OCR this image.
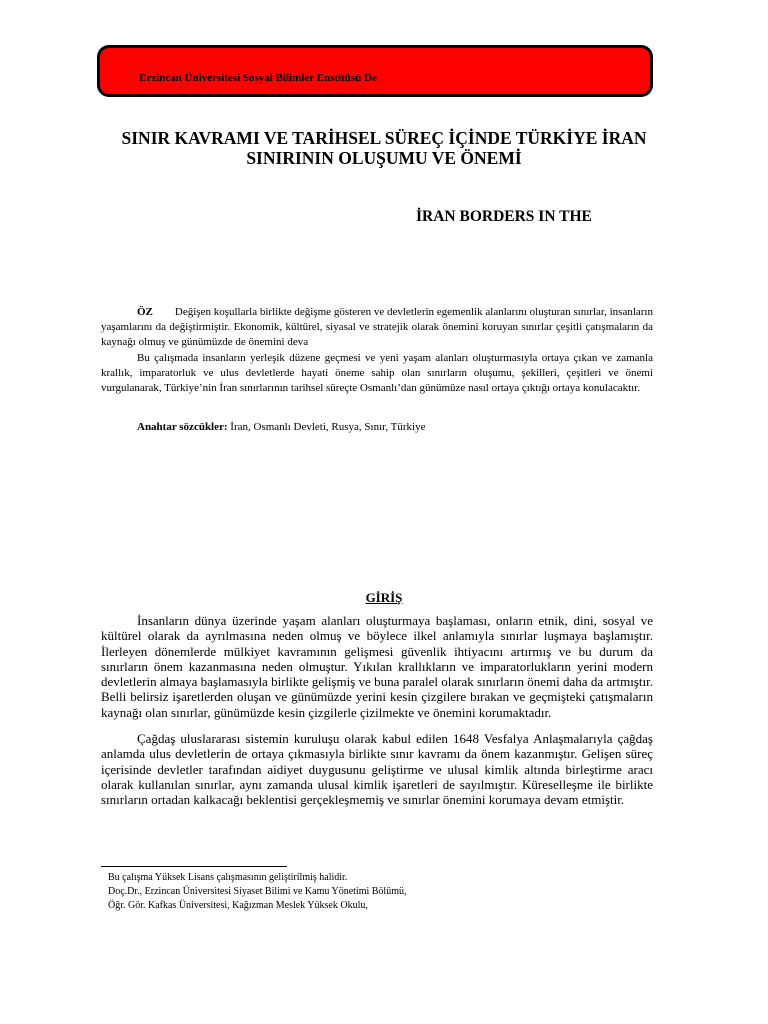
Erzincan Üniversitesi Sosyal Bilimler Enstitüsü De
SINIR KAVRAMI VE TARİHSEL SÜREÇ İÇİNDE TÜRKİYE İRAN
SINIRININ OLUŞUMU VE ÖNEMİ
İRAN BORDERS IN THE

ÖZ Değişen koşullarla birlikte değişme gösteren ve devletlerin egemenlik alanlarını oluşturan sınırlar, insanların yaşamlarını da değiştirmiştir. Ekonomik, kültürel, siyasal ve stratejik olarak önemini koruyan sınırlar çeşitli çatışmaların da kaynağı olmuş ve günümüzde de önemini deva

Bu çalışmada insanların yerleşik düzene geçmesi ve yeni yaşam alanları oluşturmasıyla ortaya çıkan ve zamanla krallık, imparatorluk ve ulus devletlerde hayati öneme sahip olan sınırların oluşumu, şekilleri, çeşitleri ve önemi vurgulanarak, Türkiye’nin İran sınırlarının tarihsel süreçte Osmanlı’dan günümüze nasıl ortaya çıktığı ortaya konulacaktır.

Anahtar sözcükler: İran, Osmanlı Devleti, Rusya, Sınır, Türkiye
GİRİŞ

İnsanların dünya üzerinde yaşam alanları oluşturmaya başlaması, onların etnik, dini, sosyal ve kültürel olarak da ayrılmasına neden olmuş ve böylece ilkel anlamıyla sınırlar luşmaya başlamıştır. İlerleyen dönemlerde mülkiyet kavramının gelişmesi güvenlik ihtiyacını artırmış ve bu durum da sınırların önem kazanmasına neden olmuştur. Yıkılan krallıkların ve imparatorlukların yerini modern devletlerin almaya başlamasıyla birlikte gelişmiş ve buna paralel olarak sınırların önemi daha da artmıştır. Belli belirsiz işaretlerden oluşan ve günümüzde yerini kesin çizgilere bırakan ve geçmişteki çatışmaların kaynağı olan sınırlar, günümüzde kesin çizgilerle çizilmekte ve önemini korumaktadır.

Çağdaş uluslararası sistemin kuruluşu olarak kabul edilen 1648 Vesfalya Anlaşmalarıyla çağdaş anlamda ulus devletlerin de ortaya çıkmasıyla birlikte sınır kavramı da önem kazanmıştır. Gelişen süreç içerisinde devletler tarafından aidiyet duygusunu geliştirme ve ulusal kimlik altında birleştirme aracı olarak kullanılan sınırlar, aynı zamanda ulusal kimlik işaretleri de sayılmıştır. Küreselleşme ile birlikte sınırların ortadan kalkacağı beklentisi gerçekleşmemiş ve sınırlar önemini korumaya devam etmiştir.

Bu çalışma Yüksek Lisans çalışmasının geliştirilmiş halidir.
Doç.Dr., Erzincan Üniversitesi Siyaset Bilimi ve Kamu Yönetimi Bölümü,
Öğr. Gör. Kafkas Üniversitesi, Kağızman Meslek Yüksek Okulu,
